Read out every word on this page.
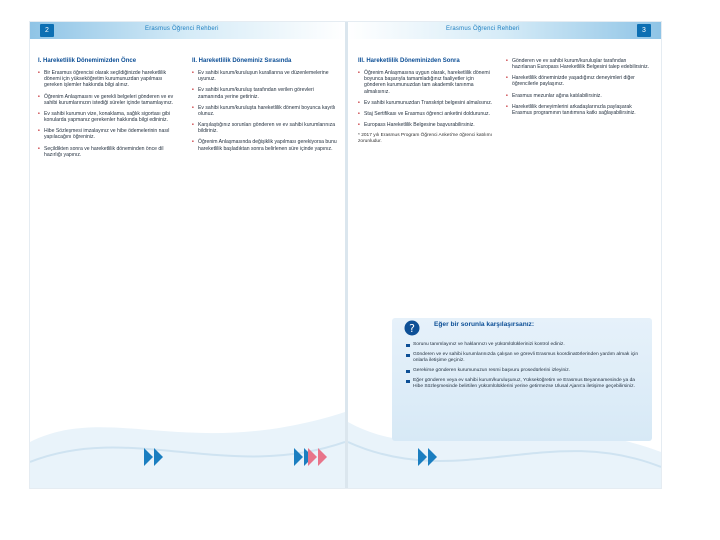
2	Erasmus Öğrenci Rehberi
I. Hareketlilik Dönemimizden Önce

• Bir Erasmus öğrencisi olarak seçildiğinizde hareketlilik dönemi için yükseköğretim kurumunuzdan yapılması gereken işlemler hakkında bilgi alınız.

• Öğrenim Anlaşmasını ve gerekli belgeleri gönderen ve ev sahibi kurumlarınızın istediği süreler içinde tamamlayınız.

• Ev sahibi kurumun vize, konaklama, sağlık sigortası gibi konularda yapmanız gerekenler hakkında bilgi edininiz.

• Hibe Sözleşmesi imzalayınız ve hibe ödemelerinin nasıl yapılacağını öğreniniz.

• Seçildikten sonra ve hareketlilik döneminden önce dil hazırlığı yapınız.

II. Hareketlilik Döneminiz Sırasında

• Ev sahibi kurum/kuruluşun kurallarına ve düzenlemelerine uyunuz.

• Ev sahibi kurum/kuruluş tarafından verilen görevleri zamanında yerine getiriniz.

• Ev sahibi kurum/kuruluşta hareketlilik dönemi boyunca kayıtlı olunuz.

• Karşılaştığınız sorunları gönderen ve ev sahibi kurumlarınıza bildiriniz.

• Öğrenim Anlaşmasında değişiklik yapılması gerekiyorsa bunu hareketlilik başladıktan sonra belirlenen süre içinde yapınız.

3
Erasmus Öğrenci Rehberi
III. Hareketlilik Döneminizden Sonra

• Öğrenim Anlaşmasına uygun olarak, hareketlilik dönemi boyunca başarıyla tamamladığınız faaliyetler için gönderen kurumunuzdan tam akademik tanınma almalısınız.

• Ev sahibi kurumunuzdan Transkript belgesini almalısınız.

• Staj Sertifikası ve Erasmus öğrenci anketini doldurunuz.

• Europass Hareketlilik Belgesine başvurabilirsiniz.

* 2017 yılı Erasmus Program Öğrenci Anketi'ne öğrenci katılımı zorunludur.

• Gönderen ve ev sahibi kurum/kuruluşlar tarafından hazırlanan Europass Hareketlilik Belgesini talep edebilirsiniz.

• Hareketlilik döneminizde yaşadığınız deneyimleri diğer öğrencilerle paylaşınız.

• Erasmus mezunlar ağına katılabilirsiniz.

• Hareketlilik deneyimlerini arkadaşlarınızla paylaşarak Erasmus programının tanıtımına katkı sağlayabilirsiniz.

?	Eğer bir sorunla karşılaşırsanız:
Sorunu tanımlayınız ve haklarınızı ve yükümlülüklerinizi kontrol ediniz.
Gönderen ve ev sahibi kurumlarınızda çalışan ve görevli Erasmus koordinatörlerinden yardım almak için onlarla iletişime geçiniz.
Gerekirse gönderen kurumunuzun resmi başvuru prosedürlerini izleyiniz.
Eğer gönderen veya ev sahibi kurum/kuruluşunuz, Yükseköğretim ve Erasmus Beyannamesinde ya da Hibe Sözleşmesinde belirtilen yükümlülüklerini yerine getirmezse Ulusal Ajans'a iletişime geçebilirsiniz.
